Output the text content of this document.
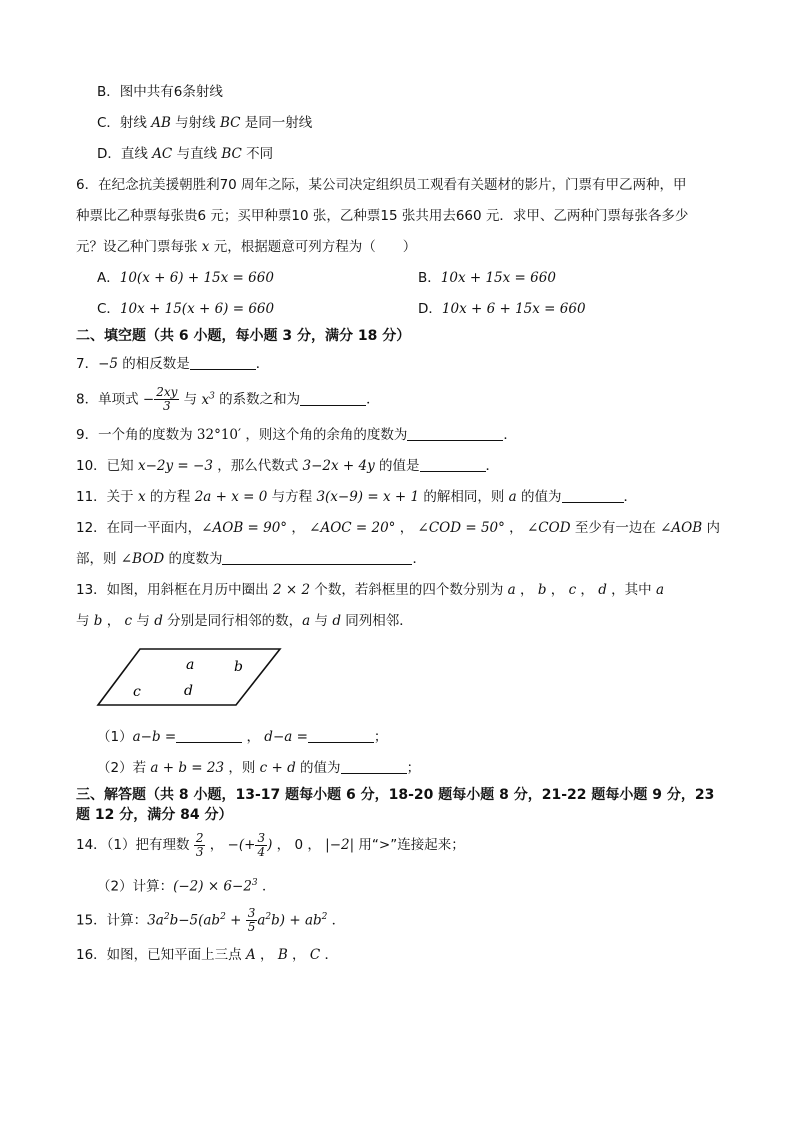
B．图中共有6条射线
C．射线 AB 与射线 BC 是同一射线
D．直线 AC 与直线 BC 不同
6．在纪念抗美援朝胜利70 周年之际，某公司决定组织员工观看有关题材的影片，门票有甲乙两种，甲
种票比乙种票每张贵6 元；买甲种票10 张，乙种票15 张共用去660 元．求甲、乙两种门票每张各多少
元？设乙种门票每张 x 元，根据题意可列方程为（　　）
A．10(x + 6) + 15x = 660	B．10x + 15x = 660
C．10x + 15(x + 6) = 660	D．10x + 6 + 15x = 660
二、填空题（共 6 小题，每小题 3 分，满分 18 分）
7．−5 的相反数是	．
8．单项式 − $\frac{2xy}{3}$ 与 $x^3$ 的系数之和为	．
9．一个角的度数为 32°10′ ，则这个角的余角的度数为	．
10．已知 x−2y = −3 ，那么代数式 3−2x + 4y 的值是	．
11．关于 x 的方程 2a + x = 0 与方程 3(x−9) = x + 1 的解相同，则 a 的值为	．
12．在同一平面内，∠AOB = 90° ， ∠AOC = 20° ， ∠COD = 50° ， ∠COD 至少有一边在 ∠AOB 内
部，则 ∠BOD 的度数为	．
13．如图，用斜框在月历中圈出 2 × 2 个数，若斜框里的四个数分别为 a ， b ， c ， d ，其中 a
与 b ， c 与 d 分别是同行相邻的数，a 与 d 同列相邻．
a	b
c	d
（1）a−b =	， d−a =	；
（2）若 a + b = 23 ，则 c + d 的值为	；
三、解答题（共 8 小题，13-17 题每小题 6 分，18-20 题每小题 8 分，21-22 题每小题 9 分，23
题 12 分，满分 84 分）
14．（1）把有理数 $\frac{2}{3}$ ， −(+ $\frac{3}{4}$ ) ， 0 ， |−2| 用“>”连接起来；
（2）计算：$(-2) \times 6-2^3$ ．
15．计算：$3a^2b-5(ab^2 + \frac{3}{5} a^2b) + ab^2$ ．
16．如图，已知平面上三点 A ， B ， C ．
